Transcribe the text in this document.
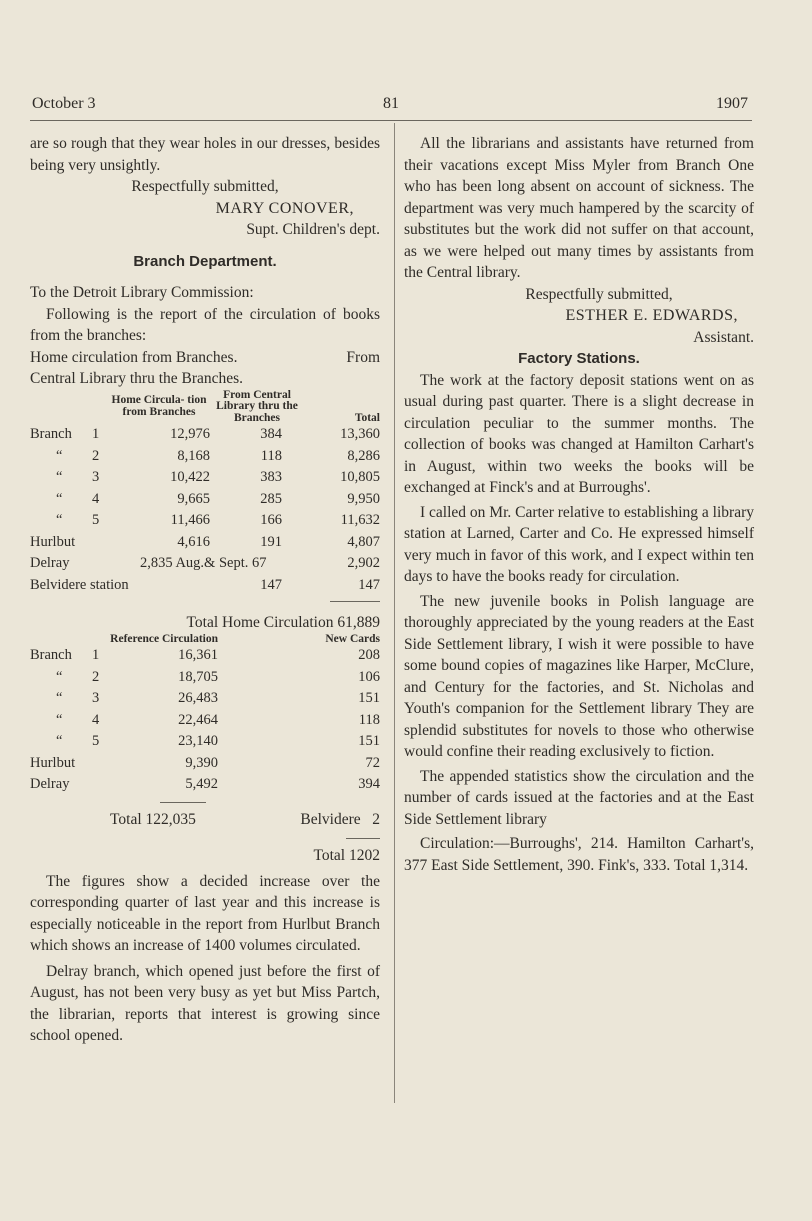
October 3	81	1907

are so rough that they wear holes in our dresses, besides being very unsightly.

Respectfully submitted,

MARY CONOVER,

Supt. Children's dept.

Branch Department.

To the Detroit Library Commission:

Following is the report of the circulation of books from the branches:

Home circulation from Branches.	From

Central Library thru the Branches.

		Home Circula- tion from Branches	From Central Library thru the Branches	Total
Branch	1	12,976	384	13,360
“	2	8,168	118	8,286
“	3	10,422	383	10,805
“	4	9,665	285	9,950
“	5	11,466	166	11,632
Hurlbut		4,616	191	4,807
Delray		2,835 Aug.& Sept. 67		2,902
Belvidere station			147	147

Total Home Circulation 61,889

		Reference Circulation	New Cards
Branch	1	16,361	208
“	2	18,705	106
“	3	26,483	151
“	4	22,464	118
“	5	23,140	151
Hurlbut		9,390	72
Delray		5,492	394
Total 122,035	Belvidere 2

Total 1202

The figures show a decided increase over the corresponding quarter of last year and this increase is especially noticeable in the report from Hurlbut Branch which shows an increase of 1400 volumes circulated.

Delray branch, which opened just before the first of August, has not been very busy as yet but Miss Partch, the librarian, reports that interest is growing since school opened.

All the librarians and assistants have returned from their vacations except Miss Myler from Branch One who has been long absent on account of sickness. The department was very much hampered by the scarcity of substitutes but the work did not suffer on that account, as we were helped out many times by assistants from the Central library.

Respectfully submitted,

ESTHER E. EDWARDS,

Assistant.

Factory Stations.

The work at the factory deposit stations went on as usual during past quarter. There is a slight decrease in circulation peculiar to the summer months. The collection of books was changed at Hamilton Carhart's in August, within two weeks the books will be exchanged at Finck's and at Burroughs'.

I called on Mr. Carter relative to establishing a library station at Larned, Carter and Co. He expressed himself very much in favor of this work, and I expect within ten days to have the books ready for circulation.

The new juvenile books in Polish language are thoroughly appreciated by the young readers at the East Side Settlement library, I wish it were possible to have some bound copies of magazines like Harper, McClure, and Century for the factories, and St. Nicholas and Youth's companion for the Settlement library They are splendid substitutes for novels to those who otherwise would confine their reading exclusively to fiction.

The appended statistics show the circulation and the number of cards issued at the factories and at the East Side Settlement library

Circulation:—Burroughs', 214. Hamilton Carhart's, 377 East Side Settlement, 390. Fink's, 333. Total 1,314.
